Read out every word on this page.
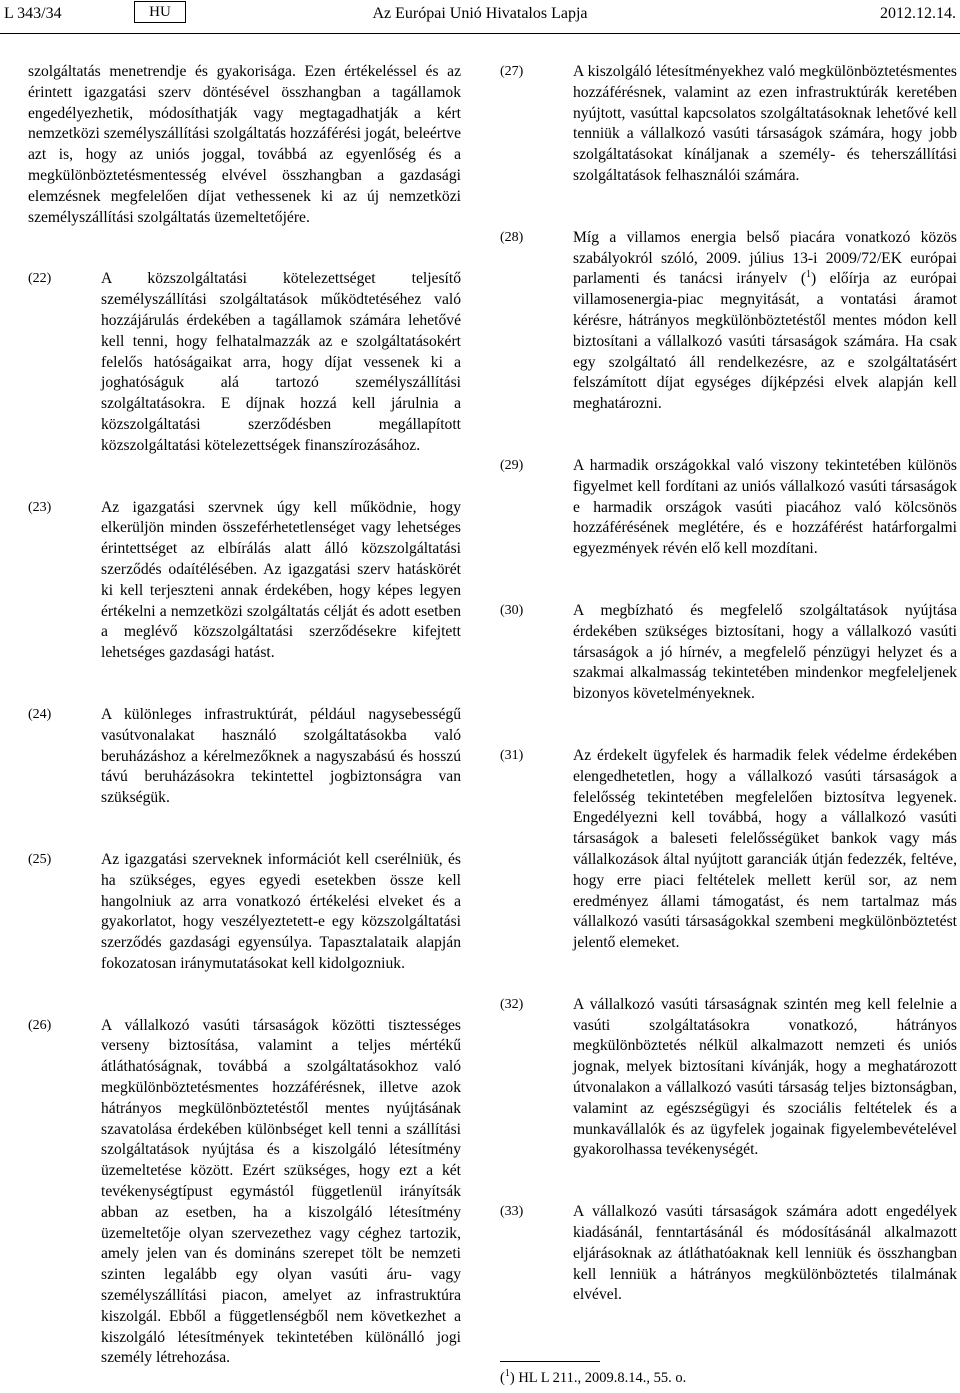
L 343/34	HU	Az Európai Unió Hivatalos Lapja	2012.12.14.

szolgáltatás menetrendje és gyakorisága. Ezen értékeléssel és az érintett igazgatási szerv döntésével összhangban a tagállamok engedélyezhetik, módosíthatják vagy megtagadhatják a kért nemzetközi személyszállítási szolgáltatás hozzáférési jogát, beleértve azt is, hogy az uniós joggal, továbbá az egyenlőség és a megkülönböztetésmentesség elvével összhangban a gazdasági elemzésnek megfelelően díjat vethessenek ki az új nemzetközi személyszállítási szolgáltatás üzemeltetőjére.

(22)	A közszolgáltatási kötelezettséget teljesítő személyszállítási szolgáltatások működtetéséhez való hozzájárulás érdekében a tagállamok számára lehetővé kell tenni, hogy felhatalmazzák az e szolgáltatásokért felelős hatóságaikat arra, hogy díjat vessenek ki a joghatóságuk alá tartozó személyszállítási szolgáltatásokra. E díjnak hozzá kell járulnia a közszolgáltatási szerződésben megállapított közszolgáltatási kötelezettségek finanszírozásához.

(23)	Az igazgatási szervnek úgy kell működnie, hogy elkerüljön minden összeférhetetlenséget vagy lehetséges érintettséget az elbírálás alatt álló közszolgáltatási szerződés odaítélésében. Az igazgatási szerv hatáskörét ki kell terjeszteni annak érdekében, hogy képes legyen értékelni a nemzetközi szolgáltatás célját és adott esetben a meglévő közszolgáltatási szerződésekre kifejtett lehetséges gazdasági hatást.

(24)	A különleges infrastruktúrát, például nagysebességű vasútvonalakat használó szolgáltatásokba való beruházáshoz a kérelmezőknek a nagyszabású és hosszú távú beruházásokra tekintettel jogbiztonságra van szükségük.

(25)	Az igazgatási szerveknek információt kell cserélniük, és ha szükséges, egyes egyedi esetekben össze kell hangolniuk az arra vonatkozó értékelési elveket és a gyakorlatot, hogy veszélyeztetett-e egy közszolgáltatási szerződés gazdasági egyensúlya. Tapasztalataik alapján fokozatosan iránymutatásokat kell kidolgozniuk.

(26)	A vállalkozó vasúti társaságok közötti tisztességes verseny biztosítása, valamint a teljes mértékű átláthatóságnak, továbbá a szolgáltatásokhoz való megkülönböztetésmentes hozzáférésnek, illetve azok hátrányos megkülönböztetéstől mentes nyújtásának szavatolása érdekében különbséget kell tenni a szállítási szolgáltatások nyújtása és a kiszolgáló létesítmény üzemeltetése között. Ezért szükséges, hogy ezt a két tevékenységtípust egymástól függetlenül irányítsák abban az esetben, ha a kiszolgáló létesítmény üzemeltetője olyan szervezethez vagy céghez tartozik, amely jelen van és domináns szerepet tölt be nemzeti szinten legalább egy olyan vasúti áru- vagy személyszállítási piacon, amelyet az infrastruktúra kiszolgál. Ebből a függetlenségből nem következhet a kiszolgáló létesítmények tekintetében különálló jogi személy létrehozása.

(27)	A kiszolgáló létesítményekhez való megkülönböztetésmentes hozzáférésnek, valamint az ezen infrastruktúrák keretében nyújtott, vasúttal kapcsolatos szolgáltatásoknak lehetővé kell tenniük a vállalkozó vasúti társaságok számára, hogy jobb szolgáltatásokat kínáljanak a személy- és teherszállítási szolgáltatások felhasználói számára.

(28)	Míg a villamos energia belső piacára vonatkozó közös szabályokról szóló, 2009. július 13-i 2009/72/EK európai parlamenti és tanácsi irányelv ($^1$) előírja az európai villamosenergia-piac megnyitását, a vontatási áramot kérésre, hátrányos megkülönböztetéstől mentes módon kell biztosítani a vállalkozó vasúti társaságok számára. Ha csak egy szolgáltató áll rendelkezésre, az e szolgáltatásért felszámított díjat egységes díjképzési elvek alapján kell meghatározni.

(29)	A harmadik országokkal való viszony tekintetében különös figyelmet kell fordítani az uniós vállalkozó vasúti társaságok e harmadik országok vasúti piacához való kölcsönös hozzáférésének meglétére, és e hozzáférést határforgalmi egyezmények révén elő kell mozdítani.

(30)	A megbízható és megfelelő szolgáltatások nyújtása érdekében szükséges biztosítani, hogy a vállalkozó vasúti társaságok a jó hírnév, a megfelelő pénzügyi helyzet és a szakmai alkalmasság tekintetében mindenkor megfeleljenek bizonyos követelményeknek.

(31)	Az érdekelt ügyfelek és harmadik felek védelme érdekében elengedhetetlen, hogy a vállalkozó vasúti társaságok a felelősség tekintetében megfelelően biztosítva legyenek. Engedélyezni kell továbbá, hogy a vállalkozó vasúti társaságok a baleseti felelősségüket bankok vagy más vállalkozások által nyújtott garanciák útján fedezzék, feltéve, hogy erre piaci feltételek mellett kerül sor, az nem eredményez állami támogatást, és nem tartalmaz más vállalkozó vasúti társaságokkal szembeni megkülönböztetést jelentő elemeket.

(32)	A vállalkozó vasúti társaságnak szintén meg kell felelnie a vasúti szolgáltatásokra vonatkozó, hátrányos megkülönböztetés nélkül alkalmazott nemzeti és uniós jognak, melyek biztosítani kívánják, hogy a meghatározott útvonalakon a vállalkozó vasúti társaság teljes biztonságban, valamint az egészségügyi és szociális feltételek és a munkavállalók és az ügyfelek jogainak figyelembevételével gyakorolhassa tevékenységét.

(33)	A vállalkozó vasúti társaságok számára adott engedélyek kiadásánál, fenntartásánál és módosításánál alkalmazott eljárásoknak az átláthatóaknak kell lenniük és összhangban kell lenniük a hátrányos megkülönböztetés tilalmának elvével.

($^1$) HL L 211., 2009.8.14., 55. o.
